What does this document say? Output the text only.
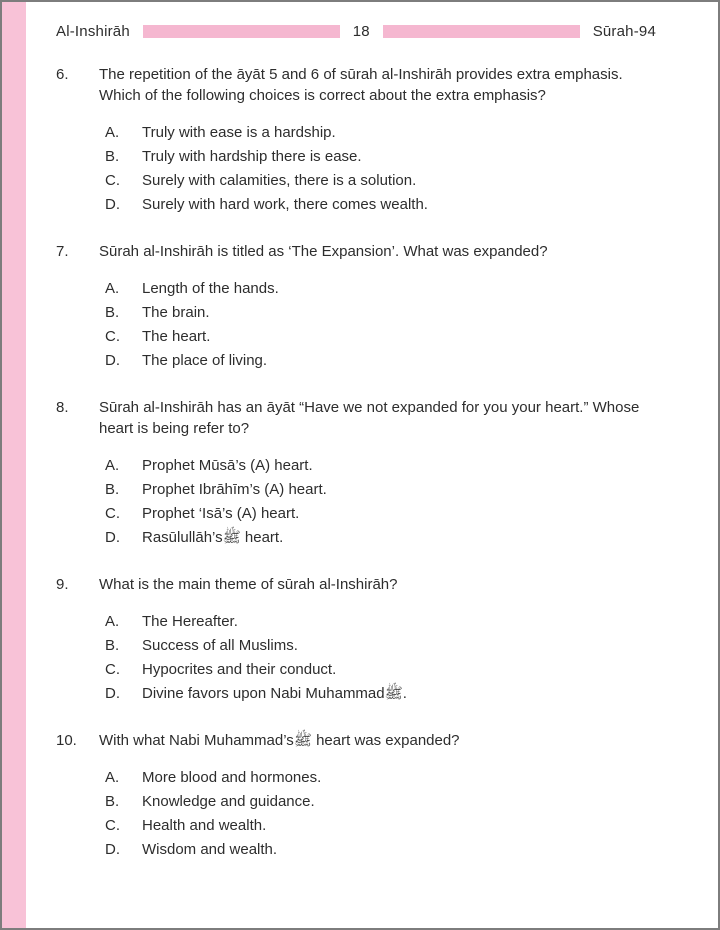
Al-Inshirāh	18	Sūrah-94
6.	The repetition of the āyāt 5 and 6 of sūrah al-Inshirāh provides extra emphasis. Which of the following choices is correct about the extra emphasis?
A.	Truly with ease is a hardship.
B.	Truly with hardship there is ease.
C.	Surely with calamities, there is a solution.
D.	Surely with hard work, there comes wealth.
7.	Sūrah al-Inshirāh is titled as ‘The Expansion’. What was expanded?
A.	Length of the hands.
B.	The brain.
C.	The heart.
D.	The place of living.
8.	Sūrah al-Inshirāh has an āyāt “Have we not expanded for you your heart.” Whose heart is being refer to?
A.	Prophet Mūsā’s (A) heart.
B.	Prophet Ibrāhīm’s (A) heart.
C.	Prophet ‘Isā’s (A) heart.
D.	Rasūlullāh’sﷺ heart.
9.	What is the main theme of sūrah al-Inshirāh?
A.	The Hereafter.
B.	Success of all Muslims.
C.	Hypocrites and their conduct.
D.	Divine favors upon Nabi Muhammadﷺ.
10.	With what Nabi Muhammad’sﷺ heart was expanded?
A.	More blood and hormones.
B.	Knowledge and guidance.
C.	Health and wealth.
D.	Wisdom and wealth.
